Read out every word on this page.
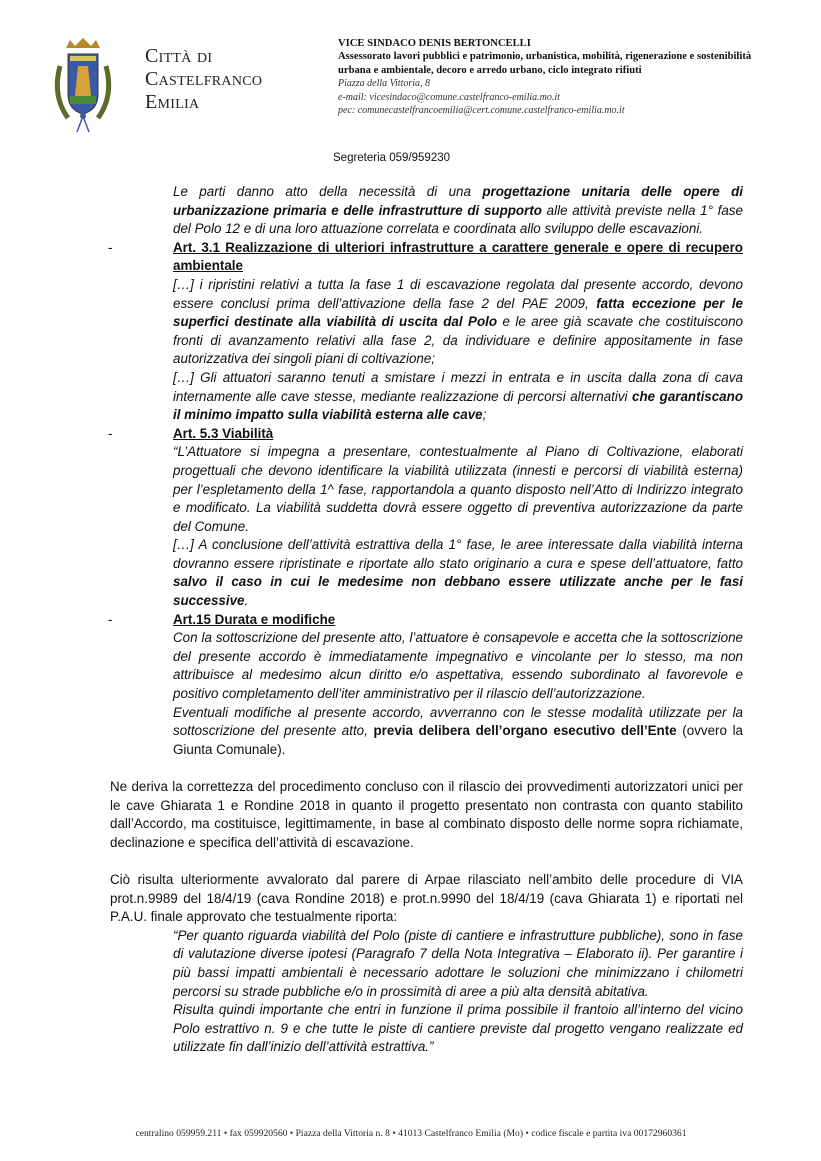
Città di
Castelfranco
Emilia
VICE SINDACO DENIS BERTONCELLI
Assessorato lavori pubblici e patrimonio, urbanistica, mobilità, rigenerazione e sostenibilità urbana e ambientale, decoro e arredo urbano, ciclo integrato rifiuti
Piazza della Vittoria, 8
e-mail: vicesindaco@comune.castelfranco-emilia.mo.it
pec: comunecastelfrancoemilia@cert.comune.castelfranco-emilia.mo.it
Segreteria 059/959230

Le parti danno atto della necessità di una progettazione unitaria delle opere di urbanizzazione primaria e delle infrastrutture di supporto alle attività previste nella 1° fase del Polo 12 e di una loro attuazione correlata e coordinata allo sviluppo delle escavazioni.

- Art. 3.1 Realizzazione di ulteriori infrastrutture a carattere generale e opere di recupero ambientale

[…] i ripristini relativi a tutta la fase 1 di escavazione regolata dal presente accordo, devono essere conclusi prima dell’attivazione della fase 2 del PAE 2009, fatta eccezione per le superfici destinate alla viabilità di uscita dal Polo e le aree già scavate che costituiscono fronti di avanzamento relativi alla fase 2, da individuare e definire appositamente in fase autorizzativa dei singoli piani di coltivazione;

[…] Gli attuatori saranno tenuti a smistare i mezzi in entrata e in uscita dalla zona di cava internamente alle cave stesse, mediante realizzazione di percorsi alternativi che garantiscano il minimo impatto sulla viabilità esterna alle cave;

- Art. 5.3 Viabilità

“L’Attuatore si impegna a presentare, contestualmente al Piano di Coltivazione, elaborati progettuali che devono identificare la viabilità utilizzata (innesti e percorsi di viabilità esterna) per l’espletamento della 1^ fase, rapportandola a quanto disposto nell’Atto di Indirizzo integrato e modificato. La viabilità suddetta dovrà essere oggetto di preventiva autorizzazione da parte del Comune.

[…] A conclusione dell’attività estrattiva della 1° fase, le aree interessate dalla viabilità interna dovranno essere ripristinate e riportate allo stato originario a cura e spese dell’attuatore, fatto salvo il caso in cui le medesime non debbano essere utilizzate anche per le fasi successive.

- Art.15 Durata e modifiche

Con la sottoscrizione del presente atto, l’attuatore è consapevole e accetta che la sottoscrizione del presente accordo è immediatamente impegnativo e vincolante per lo stesso, ma non attribuisce al medesimo alcun diritto e/o aspettativa, essendo subordinato al favorevole e positivo completamento dell’iter amministrativo per il rilascio dell’autorizzazione.

Eventuali modifiche al presente accordo, avverranno con le stesse modalità utilizzate per la sottoscrizione del presente atto, previa delibera dell’organo esecutivo dell’Ente (ovvero la Giunta Comunale).

Ne deriva la correttezza del procedimento concluso con il rilascio dei provvedimenti autorizzatori unici per le cave Ghiarata 1 e Rondine 2018 in quanto il progetto presentato non contrasta con quanto stabilito dall’Accordo, ma costituisce, legittimamente, in base al combinato disposto delle norme sopra richiamate, declinazione e specifica dell’attività di escavazione.

Ciò risulta ulteriormente avvalorato dal parere di Arpae rilasciato nell’ambito delle procedure di VIA prot.n.9989 del 18/4/19 (cava Rondine 2018) e prot.n.9990 del 18/4/19 (cava Ghiarata 1) e riportati nel P.A.U. finale approvato che testualmente riporta:

“Per quanto riguarda viabilità del Polo (piste di cantiere e infrastrutture pubbliche), sono in fase di valutazione diverse ipotesi (Paragrafo 7 della Nota Integrativa – Elaborato ii). Per garantire i più bassi impatti ambientali è necessario adottare le soluzioni che minimizzano i chilometri percorsi su strade pubbliche e/o in prossimità di aree a più alta densità abitativa.

Risulta quindi importante che entri in funzione il prima possibile il frantoio all’interno del vicino Polo estrattivo n. 9 e che tutte le piste di cantiere previste dal progetto vengano realizzate ed utilizzate fin dall’inizio dell’attività estrattiva.”

centralino 059959.211 • fax 059920560 • Piazza della Vittoria n. 8 • 41013 Castelfranco Emilia (Mo) • codice fiscale e partita iva 00172960361
